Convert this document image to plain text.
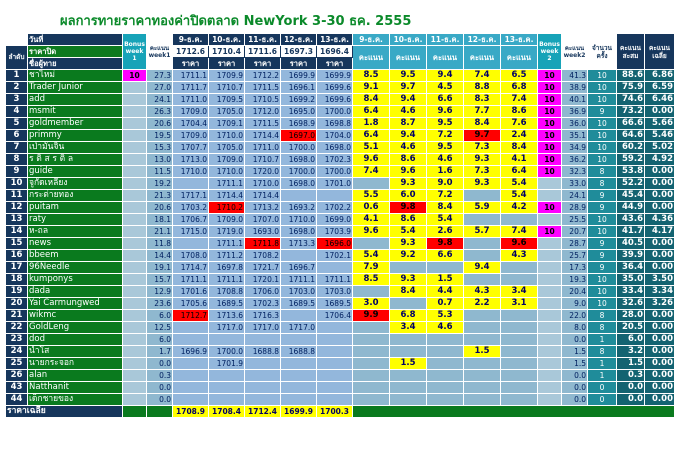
ผลการทายราคาทองค่าปิดตลาด NewYork 3-30 ธค. 2555
	วันที่	Bonus week 1	คะแนน week1	9-ธ.ค.	10-ธ.ค.	11-ธ.ค.	12-ธ.ค.	13-ธ.ค.	9-ธ.ค.	10-ธ.ค.	11-ธ.ค.	12-ธ.ค.	13-ธ.ค.	Bonus week 2	คะแนน week2	จำนวนครั้ง	คะแนนสะสม	คะแนนเฉลี่ย
ลำดับ	ราคาปิด			1712.6	1710.4	1711.6	1697.3	1696.4	คะแนน	คะแนน	คะแนน	คะแนน	คะแนน					
	ชื่อผู้ทาย			ราคา	ราคา	ราคา	ราคา	ราคา										
1	ชาไหม่	10	27.3	1711.1	1709.9	1712.2	1699.9	1699.9	8.5	9.5	9.4	7.4	6.5	10	41.3	10	88.6	6.86
2	Trader Junior		27.0	1711.7	1710.7	1711.5	1696.1	1699.6	9.1	9.7	4.5	8.8	6.8	10	38.9	10	75.9	6.59
3	add		24.1	1711.0	1709.5	1710.5	1699.2	1699.6	8.4	9.4	6.6	8.3	7.4	10	40.1	10	74.6	6.46
4	msmit		26.3	1709.0	1705.0	1712.0	1695.0	1700.0	6.4	4.6	9.6	7.7	8.6	10	36.9	9	73.2	0.00
5	goldmember		20.6	1704.4	1709.1	1711.5	1698.9	1698.8	1.8	8.7	9.5	8.4	7.6	10	36.0	10	66.6	5.66
6	primmy		19.5	1709.0	1710.0	1714.4	1697.0	1704.0	6.4	9.4	7.2	9.7	2.4	10	35.1	10	64.6	5.46
7	เป่ามั่นจิ้น		15.3	1707.7	1705.0	1711.0	1700.0	1698.0	5.1	4.6	9.5	7.3	8.4	10	34.9	10	60.2	5.02
8	ร ติ ส ร ติ ล		13.0	1713.0	1709.0	1710.7	1698.0	1702.3	9.6	8.6	4.6	9.3	4.1	10	36.2	10	59.2	4.92
9	guide		11.5	1710.0	1710.0	1720.0	1700.0	1700.0	7.4	9.6	1.6	7.3	6.4	10	32.3	8	53.8	0.00
10	จูกัดเหลียง		19.2		1711.1	1710.0	1698.0	1701.0		9.3	9.0	9.3	5.4		33.0	8	52.2	0.00
11	กระต่ายทอง		21.3	1717.1	1714.4	1714.4			5.5	6.0	7.2		5.4		24.1	9	45.4	0.00
12	puitam		20.6	1703.2	1710.2	1713.2	1693.2	1702.2	0.6	9.8	8.4	5.9	4.2	10	28.9	9	44.9	0.00
13	raty		18.1	1706.7	1709.0	1707.0	1710.0	1699.0	4.1	8.6	5.4				25.5	10	43.6	4.36
14	ห-ถล		21.1	1715.0	1719.0	1693.0	1698.0	1703.9	9.6	5.4	2.6	5.7	7.4	10	20.7	10	41.7	4.17
15	news		11.8		1711.1	1711.8	1713.3	1696.0		9.3	9.8		9.6		28.7	9	40.5	0.00
16	bbeem		14.4	1708.0	1711.2	1708.2		1702.1	5.4	9.2	6.6		4.3		25.7	9	39.9	0.00
17	96Needle		19.1	1714.7	1697.8	1721.7	1696.7		7.9			9.4			17.3	9	36.4	0.00
18	kumponys		15.7	1711.1	1711.1	1720.1	1711.1	1711.1	8.5	9.3	1.5				19.3	10	35.0	3.50
19	dada		12.9	1701.6	1708.8	1706.0	1703.0	1703.0		8.4	4.4	4.3	3.4		20.4	10	33.4	3.34
20	Yai Carmungwed		23.6	1705.6	1689.5	1702.3	1689.5	1689.5	3.0		0.7	2.2	3.1		9.0	10	32.6	3.26
21	wikmc		6.0	1712.7	1713.6	1716.3		1706.4	9.9	6.8	5.3				22.0	8	28.0	0.00
22	GoldLeng		12.5		1717.0	1717.0	1717.0			3.4	4.6				8.0	8	20.5	0.00
23	dod		6.0												0.0	1	6.0	0.00
24	นำโส		1.7	1696.9	1700.0	1688.8	1688.8					1.5			1.5	8	3.2	0.00
25	นายกระจอก		0.0		1701.9					1.5					1.5	1	1.5	0.00
26	alan		0.3												0.0	1	0.3	0.00
43	Natthanit		0.0												0.0	0	0.0	0.00
44	เด็กชายของ		0.0												0.0	0	0.0	0.00
ราคาเฉลี่ย				1708.9	1708.4	1712.4	1699.9	1700.3										
